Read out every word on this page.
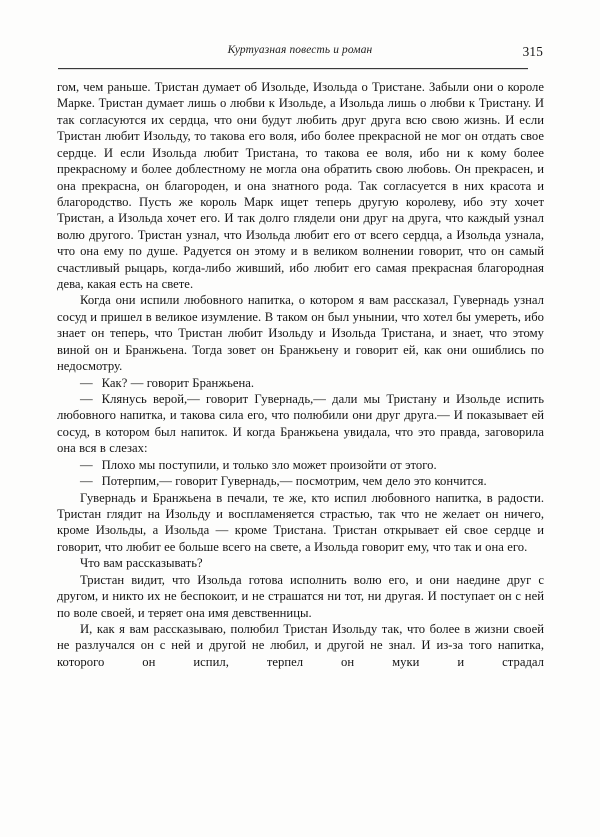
Куртуазная повесть и роман	315

гом, чем раньше. Тристан думает об Изольде, Изольда о Тристане. Забыли они о короле Марке. Тристан думает лишь о любви к Изольде, а Изольда лишь о любви к Тристану. И так согласуются их сердца, что они будут любить друг друга всю свою жизнь. И если Тристан любит Изольду, то такова его воля, ибо более прекрасной не мог он отдать свое сердце. И если Изольда любит Тристана, то такова ее воля, ибо ни к кому более прекрасному и более доблестному не могла она обратить свою любовь. Он прекрасен, и она прекрасна, он благороден, и она знатного рода. Так согласуется в них красота и благородство. Пусть же король Марк ищет теперь другую королеву, ибо эту хочет Тристан, а Изольда хочет его. И так долго глядели они друг на друга, что каждый узнал волю другого. Тристан узнал, что Изольда любит его от всего сердца, а Изольда узнала, что она ему по душе. Радуется он этому и в великом волнении говорит, что он самый счастливый рыцарь, когда-либо живший, ибо любит его самая прекрасная благородная дева, какая есть на свете.

Когда они испили любовного напитка, о котором я вам рассказал, Гувернадь узнал сосуд и пришел в великое изумление. В таком он был унынии, что хотел бы умереть, ибо знает он теперь, что Тристан любит Изольду и Изольда Тристана, и знает, что этому виной он и Бранжьена. Тогда зовет он Бранжьену и говорит ей, как они ошиблись по недосмотру.

— Как? — говорит Бранжьена.

— Клянусь верой,— говорит Гувернадь,— дали мы Тристану и Изольде испить любовного напитка, и такова сила его, что полюбили они друг друга.— И показывает ей сосуд, в котором был напиток. И когда Бранжьена увидала, что это правда, заговорила она вся в слезах:

— Плохо мы поступили, и только зло может произойти от этого.

— Потерпим,— говорит Гувернадь,— посмотрим, чем дело это кончится.

Гувернадь и Бранжьена в печали, те же, кто испил любовного напитка, в радости. Тристан глядит на Изольду и воспламеняется страстью, так что не желает он ничего, кроме Изольды, а Изольда — кроме Тристана. Тристан открывает ей свое сердце и говорит, что любит ее больше всего на свете, а Изольда говорит ему, что так и она его.

Что вам рассказывать?

Тристан видит, что Изольда готова исполнить волю его, и они наедине друг с другом, и никто их не беспокоит, и не страшатся ни тот, ни другая. И поступает он с ней по воле своей, и теряет она имя девственницы.

И, как я вам рассказываю, полюбил Тристан Изольду так, что более в жизни своей не разлучался он с ней и другой не любил, и другой не знал. И из-за того напитка, которого он испил, терпел он муки и страдал
